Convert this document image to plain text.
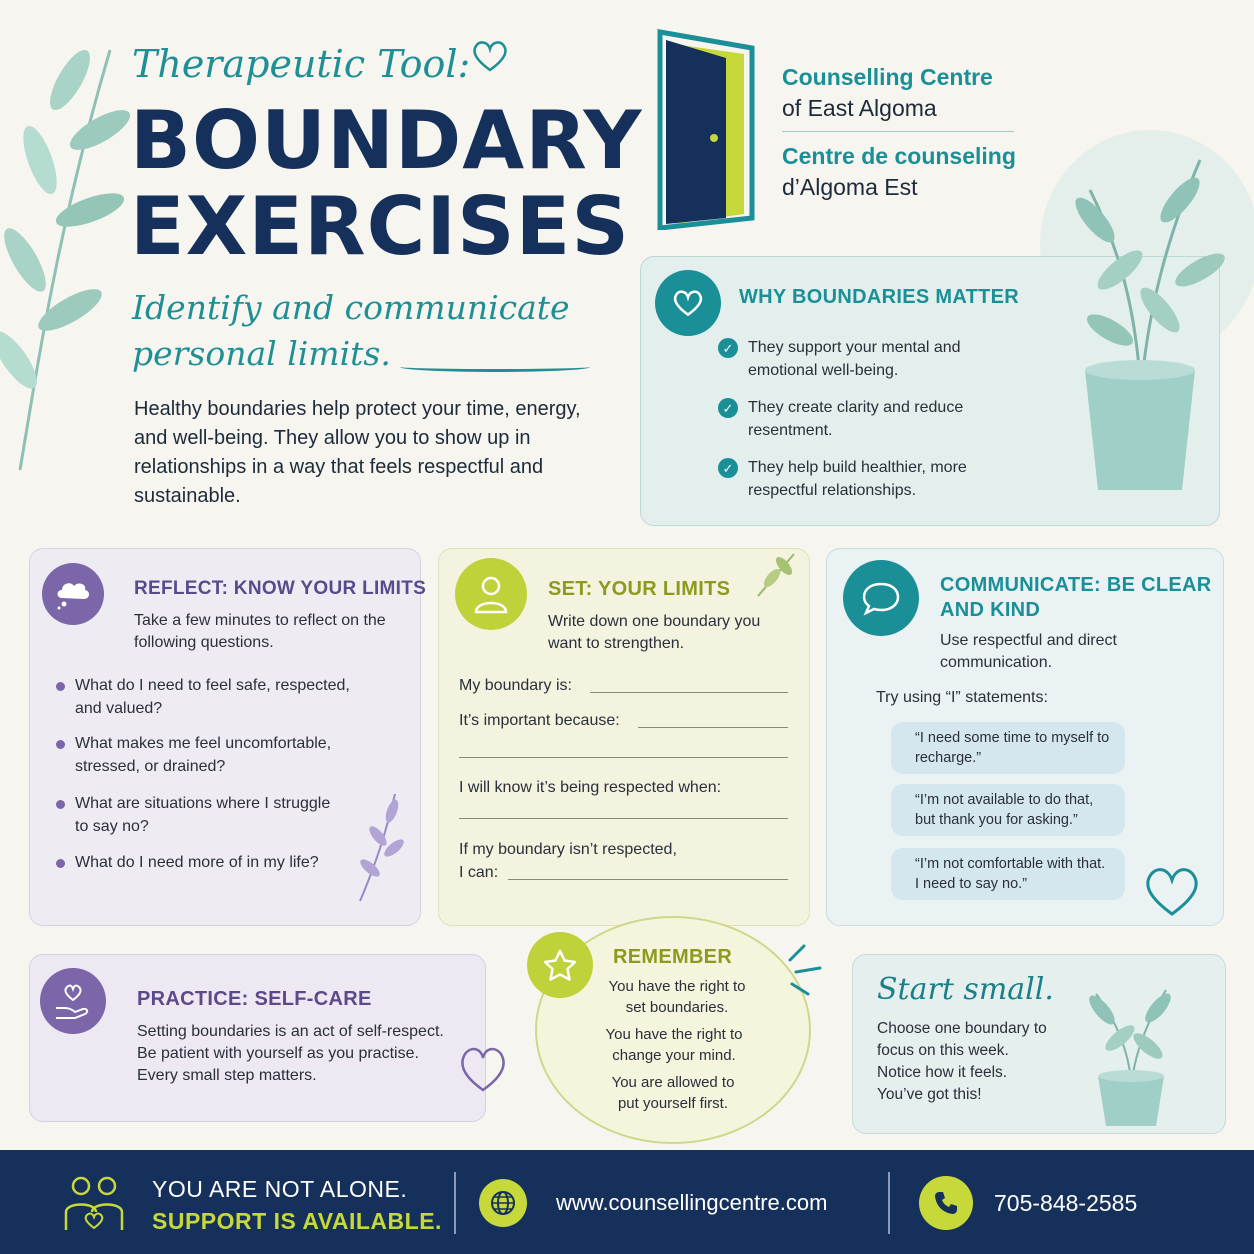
Therapeutic Tool:
BOUNDARY
EXERCISES
Identify and communicate
personal limits.
Healthy boundaries help protect your time, energy, and well-being. They allow you to show up in relationships in a way that feels respectful and sustainable.
Counselling Centre
of East Algoma
Centre de counseling
d’Algoma Est
WHY BOUNDARIES MATTER
✓ They support your mental and emotional well-being.
✓ They create clarity and reduce resentment.
✓ They help build healthier, more respectful relationships.
REFLECT: KNOW YOUR LIMITS
Take a few minutes to reflect on the following questions.
What do I need to feel safe, respected, and valued?
What makes me feel uncomfortable, stressed, or drained?
What are situations where I struggle to say no?
What do I need more of in my life?
SET: YOUR LIMITS
Write down one boundary you want to strengthen.
My boundary is:
It’s important because:
I will know it’s being respected when:
If my boundary isn’t respected,
I can:
COMMUNICATE: BE CLEAR
AND KIND
Use respectful and direct communication.
Try using “I” statements:
“I need some time to myself to recharge.”
“I’m not available to do that, but thank you for asking.”
“I’m not comfortable with that. I need to say no.”
PRACTICE: SELF-CARE
Setting boundaries is an act of self-respect. Be patient with yourself as you practise. Every small step matters.
REMEMBER
You have the right to set boundaries.
You have the right to change your mind.
You are allowed to put yourself first.
Start small.
Choose one boundary to focus on this week. Notice how it feels. You’ve got this!
YOU ARE NOT ALONE.
SUPPORT IS AVAILABLE.
www.counsellingcentre.com	705-848-2585
